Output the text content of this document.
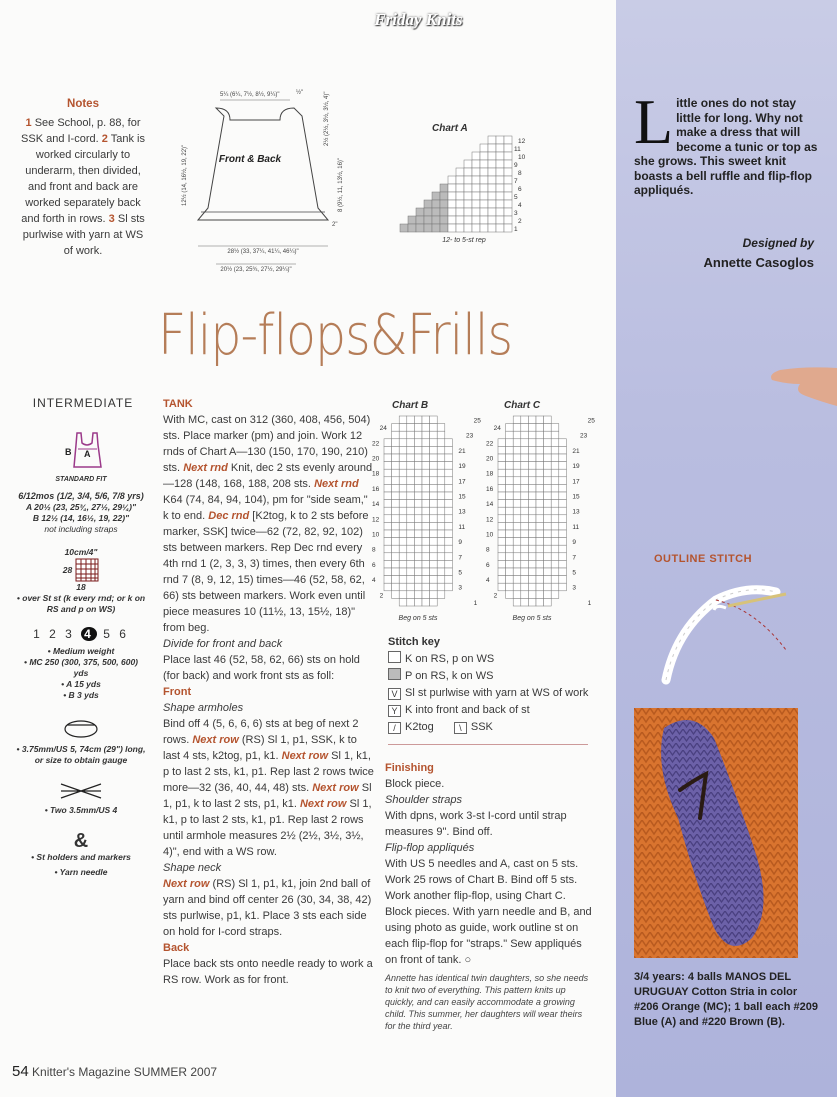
Friday Knits
Notes
1 See School, p. 88, for SSK and I-cord. 2 Tank is worked circularly to underarm, then divided, and front and back are worked separately back and forth in rows. 3 Sl sts purlwise with yarn at WS of work.
5¼ (6¼, 7½, 8½, 9¼)"	½"
Front & Back
12½ (14, 16½, 19, 22)"
2½ (2½, 3½, 3½, 4)"
8 (9½, 11, 13½, 16)"
2"
28½ (33, 37¼, 41¼, 46¼)"
20½ (23, 25¾, 27½, 29¼)"
Chart A
12
11
10
9
8
7
6
5
4
3
2
1
12- to 5-st rep
Little ones do not stay little for long. Why not make a dress that will become a tunic or top as she grows. This sweet knit boasts a bell ruffle and flip-flop appliqués.
Designed by
Annette Casoglos
Flip-flops&Frills
INTERMEDIATE
B A
STANDARD FIT
6/12mos (1/2, 3/4, 5/6, 7/8 yrs)
A 20½ (23, 25¾, 27½, 29¼)"
B 12½ (14, 16½, 19, 22)"
not including straps
10cm/4"
28
18
• over St st (k every rnd; or k on RS and p on WS)
1 2 3 4 5 6
• Medium weight
• MC 250 (300, 375, 500, 600) yds
• A 15 yds
• B 3 yds
• 3.75mm/US 5, 74cm (29") long, or size to obtain gauge
• Two 3.5mm/US 4
&
• St holders and markers
• Yarn needle

TANK

With MC, cast on 312 (360, 408, 456, 504) sts. Place marker (pm) and join. Work 12 rnds of Chart A—130 (150, 170, 190, 210) sts. Next rnd Knit, dec 2 sts evenly around—128 (148, 168, 188, 208 sts. Next rnd K64 (74, 84, 94, 104), pm for "side seam," k to end. Dec rnd [K2tog, k to 2 sts before marker, SSK] twice—62 (72, 82, 92, 102) sts between markers. Rep Dec rnd every 4th rnd 1 (2, 3, 3, 3) times, then every 6th rnd 7 (8, 9, 12, 15) times—46 (52, 58, 62, 66) sts between markers. Work even until piece measures 10 (11½, 13, 15½, 18)" from beg.

Divide for front and back

Place last 46 (52, 58, 62, 66) sts on hold (for back) and work front sts as foll:

Front

Shape armholes

Bind off 4 (5, 6, 6, 6) sts at beg of next 2 rows. Next row (RS) Sl 1, p1, SSK, k to last 4 sts, k2tog, p1, k1. Next row Sl 1, k1, p to last 2 sts, k1, p1. Rep last 2 rows twice more—32 (36, 40, 44, 48) sts. Next row Sl 1, p1, k to last 2 sts, p1, k1. Next row Sl 1, k1, p to last 2 sts, k1, p1. Rep last 2 rows until armhole measures 2½ (2½, 3½, 3½, 4)", end with a WS row.

Shape neck

Next row (RS) Sl 1, p1, k1, join 2nd ball of yarn and bind off center 26 (30, 34, 38, 42) sts purlwise, p1, k1. Place 3 sts each side on hold for I-cord straps.

Back

Place back sts onto needle ready to work a RS row. Work as for front.

Chart B	Chart C
25
24
23
22
21
20
19
18
17
16
15
14
13
12
11
10
9
8
7
6
5
4
3
2
1
25
24
23
22
21
20
19
18
17
16
15
14
13
12
11
10
9
8
7
6
5
4
3
2
1
Beg on 5 sts	Beg on 5 sts
Stitch key
K on RS, p on WS
P on RS, k on WS
V Sl st purlwise with yarn at WS of work
Y K into front and back of st
/ K2tog	\ SSK

Finishing

Block piece.

Shoulder straps

With dpns, work 3-st I-cord until strap measures 9". Bind off.

Flip-flop appliqués

With US 5 needles and A, cast on 5 sts. Work 25 rows of Chart B. Bind off 5 sts. Work another flip-flop, using Chart C. Block pieces. With yarn needle and B, and using photo as guide, work outline st on each flip-flop for "straps." Sew appliqués on front of tank. ○

Annette has identical twin daughters, so she needs to knit two of everything. This pattern knits up quickly, and can easily accommodate a growing child. This summer, her daughters will wear theirs for the third year.

OUTLINE STITCH
3/4 years: 4 balls MANOS DEL URUGUAY Cotton Stria in color #206 Orange (MC); 1 ball each #209 Blue (A) and #220 Brown (B).
54 Knitter's Magazine SUMMER 2007
